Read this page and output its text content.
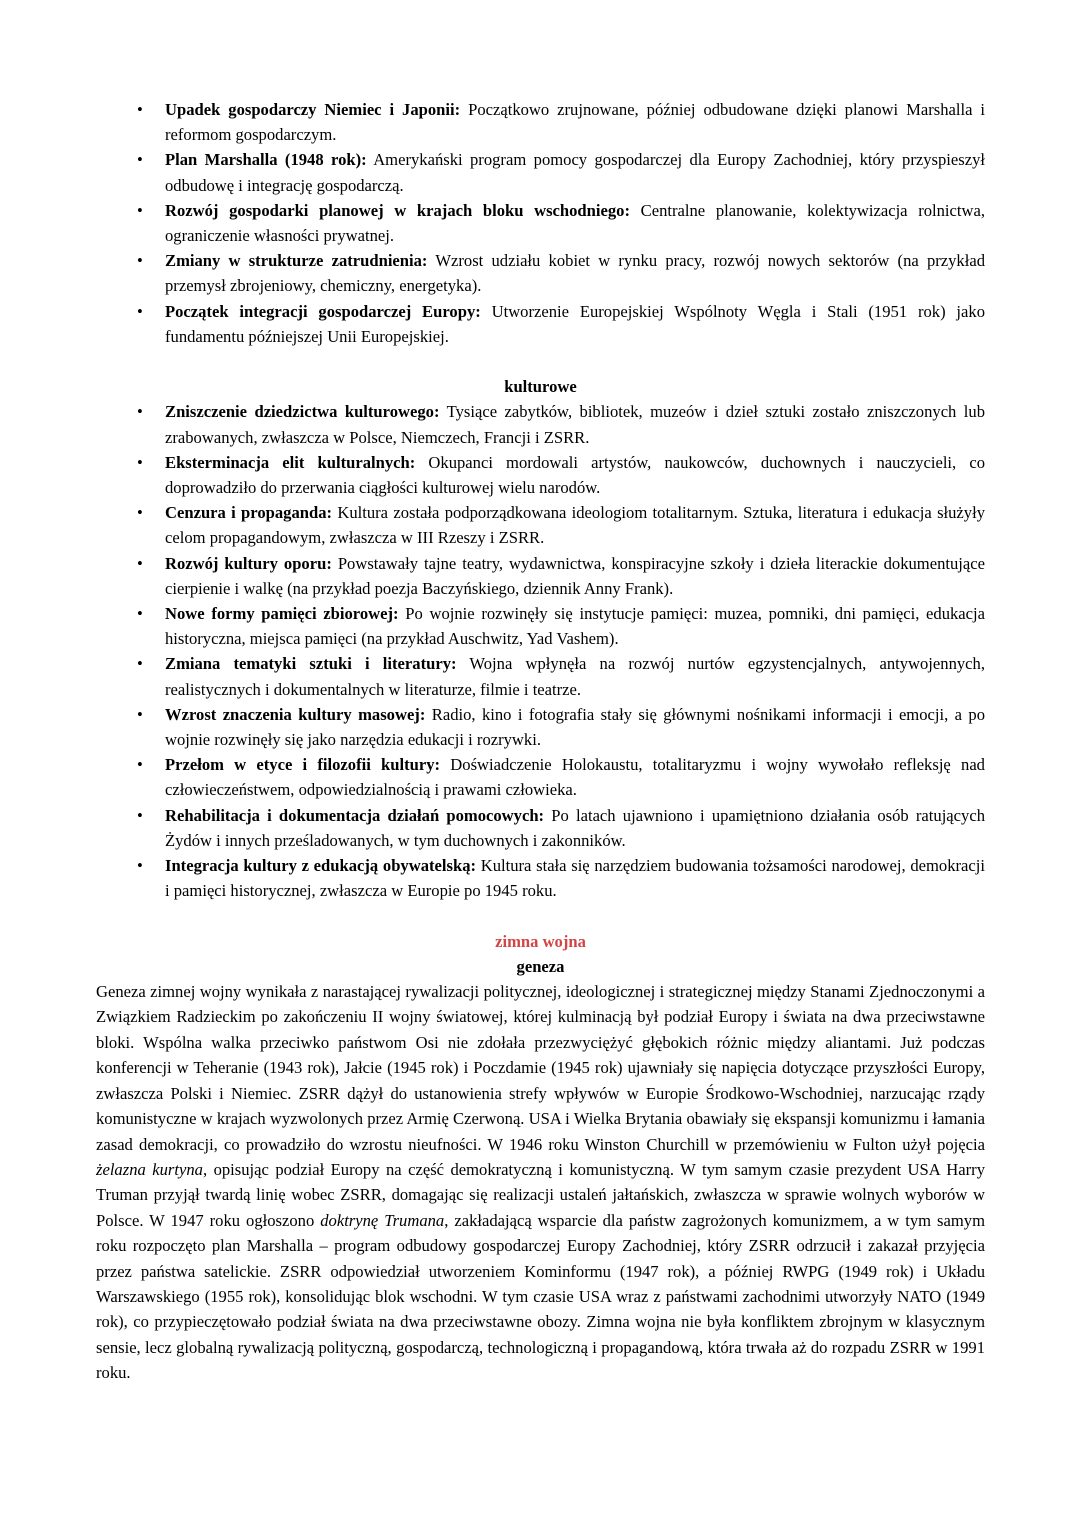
• Upadek gospodarczy Niemiec i Japonii: Początkowo zrujnowane, później odbudowane dzięki planowi Marshalla i reformom gospodarczym.
• Plan Marshalla (1948 rok): Amerykański program pomocy gospodarczej dla Europy Zachodniej, który przyspieszył odbudowę i integrację gospodarczą.
• Rozwój gospodarki planowej w krajach bloku wschodniego: Centralne planowanie, kolektywizacja rolnictwa, ograniczenie własności prywatnej.
• Zmiany w strukturze zatrudnienia: Wzrost udziału kobiet w rynku pracy, rozwój nowych sektorów (na przykład przemysł zbrojeniowy, chemiczny, energetyka).
• Początek integracji gospodarczej Europy: Utworzenie Europejskiej Wspólnoty Węgla i Stali (1951 rok) jako fundamentu późniejszej Unii Europejskiej.
kulturowe
• Zniszczenie dziedzictwa kulturowego: Tysiące zabytków, bibliotek, muzeów i dzieł sztuki zostało zniszczonych lub zrabowanych, zwłaszcza w Polsce, Niemczech, Francji i ZSRR.
• Eksterminacja elit kulturalnych: Okupanci mordowali artystów, naukowców, duchownych i nauczycieli, co doprowadziło do przerwania ciągłości kulturowej wielu narodów.
• Cenzura i propaganda: Kultura została podporządkowana ideologiom totalitarnym. Sztuka, literatura i edukacja służyły celom propagandowym, zwłaszcza w III Rzeszy i ZSRR.
• Rozwój kultury oporu: Powstawały tajne teatry, wydawnictwa, konspiracyjne szkoły i dzieła literackie dokumentujące cierpienie i walkę (na przykład poezja Baczyńskiego, dziennik Anny Frank).
• Nowe formy pamięci zbiorowej: Po wojnie rozwinęły się instytucje pamięci: muzea, pomniki, dni pamięci, edukacja historyczna, miejsca pamięci (na przykład Auschwitz, Yad Vashem).
• Zmiana tematyki sztuki i literatury: Wojna wpłynęła na rozwój nurtów egzystencjalnych, antywojennych, realistycznych i dokumentalnych w literaturze, filmie i teatrze.
• Wzrost znaczenia kultury masowej: Radio, kino i fotografia stały się głównymi nośnikami informacji i emocji, a po wojnie rozwinęły się jako narzędzia edukacji i rozrywki.
• Przełom w etyce i filozofii kultury: Doświadczenie Holokaustu, totalitaryzmu i wojny wywołało refleksję nad człowieczeństwem, odpowiedzialnością i prawami człowieka.
• Rehabilitacja i dokumentacja działań pomocowych: Po latach ujawniono i upamiętniono działania osób ratujących Żydów i innych prześladowanych, w tym duchownych i zakonników.
• Integracja kultury z edukacją obywatelską: Kultura stała się narzędziem budowania tożsamości narodowej, demokracji i pamięci historycznej, zwłaszcza w Europie po 1945 roku.
zimna wojna
geneza

Geneza zimnej wojny wynikała z narastającej rywalizacji politycznej, ideologicznej i strategicznej między Stanami Zjednoczonymi a Związkiem Radzieckim po zakończeniu II wojny światowej, której kulminacją był podział Europy i świata na dwa przeciwstawne bloki. Wspólna walka przeciwko państwom Osi nie zdołała przezwyciężyć głębokich różnic między aliantami. Już podczas konferencji w Teheranie (1943 rok), Jałcie (1945 rok) i Poczdamie (1945 rok) ujawniały się napięcia dotyczące przyszłości Europy, zwłaszcza Polski i Niemiec. ZSRR dążył do ustanowienia strefy wpływów w Europie Środkowo-Wschodniej, narzucając rządy komunistyczne w krajach wyzwolonych przez Armię Czerwoną. USA i Wielka Brytania obawiały się ekspansji komunizmu i łamania zasad demokracji, co prowadziło do wzrostu nieufności. W 1946 roku Winston Churchill w przemówieniu w Fulton użył pojęcia żelazna kurtyna, opisując podział Europy na część demokratyczną i komunistyczną. W tym samym czasie prezydent USA Harry Truman przyjął twardą linię wobec ZSRR, domagając się realizacji ustaleń jałtańskich, zwłaszcza w sprawie wolnych wyborów w Polsce. W 1947 roku ogłoszono doktrynę Trumana, zakładającą wsparcie dla państw zagrożonych komunizmem, a w tym samym roku rozpoczęto plan Marshalla – program odbudowy gospodarczej Europy Zachodniej, który ZSRR odrzucił i zakazał przyjęcia przez państwa satelickie. ZSRR odpowiedział utworzeniem Kominformu (1947 rok), a później RWPG (1949 rok) i Układu Warszawskiego (1955 rok), konsolidując blok wschodni. W tym czasie USA wraz z państwami zachodnimi utworzyły NATO (1949 rok), co przypieczętowało podział świata na dwa przeciwstawne obozy. Zimna wojna nie była konfliktem zbrojnym w klasycznym sensie, lecz globalną rywalizacją polityczną, gospodarczą, technologiczną i propagandową, która trwała aż do rozpadu ZSRR w 1991 roku.
